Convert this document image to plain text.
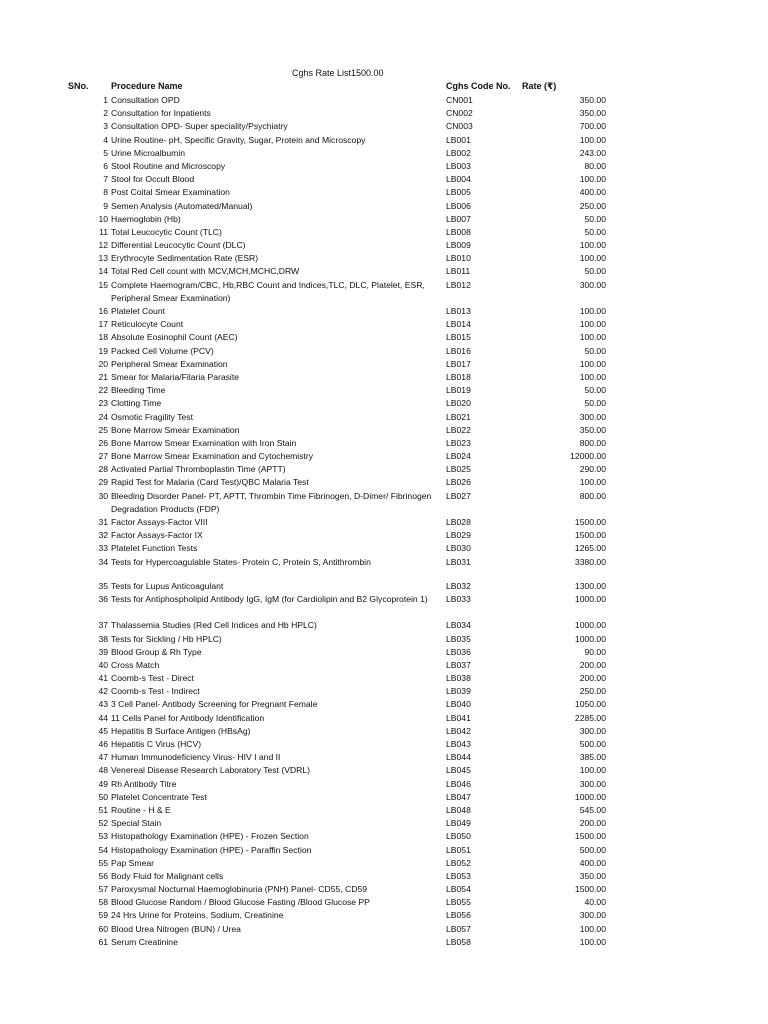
Cghs Rate List1500.00
SNo. Procedure Name	Cghs Code No. Rate (₹)
1 Consultation OPD	CN001	350.00
2 Consultation for Inpatients	CN002	350.00
3 Consultation OPD- Super speciality/Psychiatry	CN003	700.00
4 Urine Routine- pH, Specific Gravity, Sugar, Protein and Microscopy	LB001	100.00
5 Urine Microalbumin	LB002	243.00
6 Stool Routine and Microscopy	LB003	80.00
7 Stool for Occult Blood	LB004	100.00
8 Post Coital Smear Examination	LB005	400.00
9 Semen Analysis (Automated/Manual)	LB006	250.00
10 Haemoglobin (Hb)	LB007	50.00
11 Total Leucocytic Count (TLC)	LB008	50.00
12 Differential Leucocytic Count (DLC)	LB009	100.00
13 Erythrocyte Sedimentation Rate (ESR)	LB010	100.00
14 Total Red Cell count with MCV,MCH,MCHC,DRW	LB011	50.00
15 Complete Haemogram/CBC, Hb,RBC Count and Indices,TLC, DLC, Platelet, ESR, Peripheral Smear Examination)
LB012	300.00
16 Platelet Count	LB013	100.00
17 Reticulocyte Count	LB014	100.00
18 Absolute Eosinophil Count (AEC)	LB015	100.00
19 Packed Cell Volume (PCV)	LB016	50.00
20 Peripheral Smear Examination	LB017	100.00
21 Smear for Malaria/Filaria Parasite	LB018	100.00
22 Bleeding Time	LB019	50.00
23 Clotting Time	LB020	50.00
24 Osmotic Fragility Test	LB021	300.00
25 Bone Marrow Smear Examination	LB022	350.00
26 Bone Marrow Smear Examination with Iron Stain	LB023	800.00
27 Bone Marrow Smear Examination and Cytochemistry	LB024	12000.00
28 Activated Partial Thromboplastin Time (APTT)	LB025	290.00
29 Rapid Test for Malaria (Card Test)/QBC Malaria Test	LB026	100.00
30 Bleeding Disorder Panel- PT, APTT, Thrombin Time Fibrinogen, D-Dimer/ Fibrinogen Degradation Products (FDP)
LB027	800.00
31 Factor Assays-Factor VIII	LB028	1500.00
32 Factor Assays-Factor IX	LB029	1500.00
33 Platelet Function Tests	LB030	1265.00
34 Tests for Hypercoagulable States- Protein C, Protein S, Antithrombin	LB031	3380.00
35 Tests for Lupus Anticoagulant	LB032	1300.00
36 Tests for Antiphospholipid Antibody IgG, IgM (for Cardiolipin and B2 Glycoprotein 1)	LB033	1000.00
37 Thalassemia Studies (Red Cell Indices and Hb HPLC)	LB034	1000.00
38 Tests for Sickling / Hb HPLC)	LB035	1000.00
39 Blood Group & Rh Type	LB036	90.00
40 Cross Match	LB037	200.00
41 Coomb-s Test - Direct	LB038	200.00
42 Coomb-s Test - Indirect	LB039	250.00
43 3 Cell Panel- Antibody Screening for Pregnant Female	LB040	1050.00
44 11 Cells Panel for Antibody Identification	LB041	2285.00
45 Hepatitis B Surface Antigen (HBsAg)	LB042	300.00
46 Hepatitis C Virus (HCV)	LB043	500.00
47 Human Immunodeficiency Virus- HIV I and II	LB044	385.00
48 Venereal Disease Research Laboratory Test (VDRL)	LB045	100.00
49 Rh Antibody Titre	LB046	300.00
50 Platelet Concentrate Test	LB047	1000.00
51 Routine - H & E	LB048	545.00
52 Special Stain	LB049	200.00
53 Histopathology Examination (HPE) - Frozen Section	LB050	1500.00
54 Histopathology Examination (HPE) - Paraffin Section	LB051	500.00
55 Pap Smear	LB052	400.00
56 Body Fluid for Malignant cells	LB053	350.00
57 Paroxysmal Nocturnal Haemoglobinuria (PNH) Panel- CD55, CD59	LB054	1500.00
58 Blood Glucose Random / Blood Glucose Fasting /Blood Glucose PP	LB055	40.00
59 24 Hrs Urine for Proteins, Sodium, Creatinine	LB056	300.00
60 Blood Urea Nitrogen (BUN) / Urea	LB057	100.00
61 Serum Creatinine	LB058	100.00
